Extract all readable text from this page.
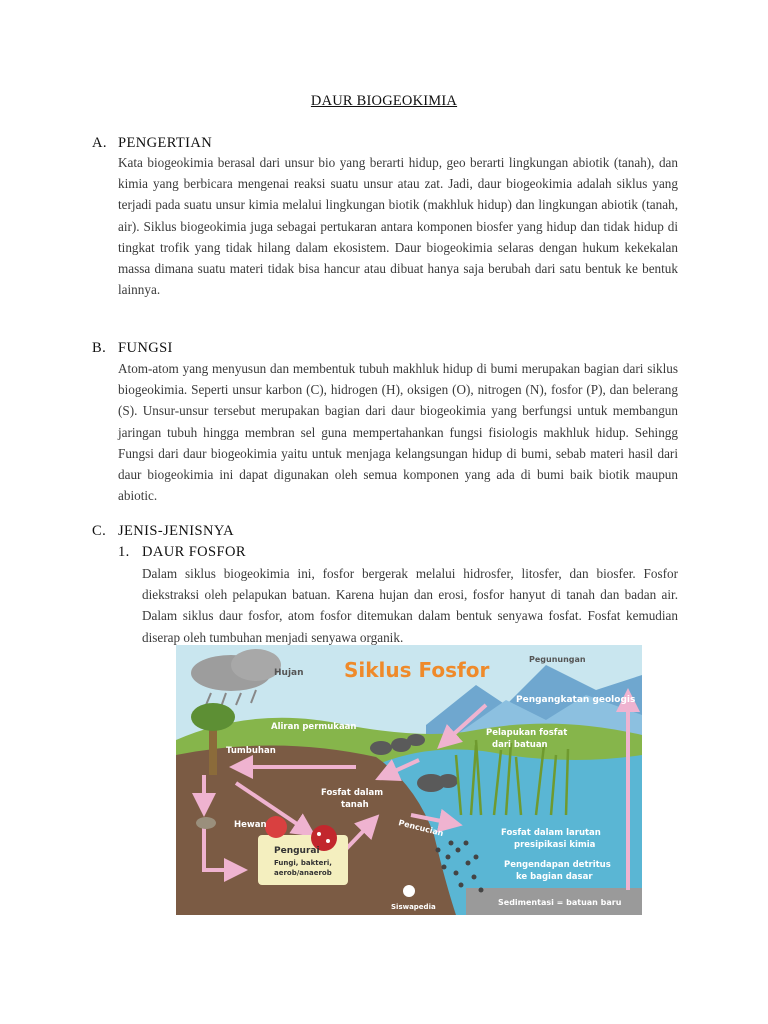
DAUR BIOGEOKIMIA
A. PENGERTIAN
Kata biogeokimia berasal dari unsur bio yang berarti hidup, geo berarti lingkungan abiotik (tanah), dan kimia yang berbicara mengenai reaksi suatu unsur atau zat. Jadi, daur biogeokimia adalah siklus yang terjadi pada suatu unsur kimia melalui lingkungan biotik (makhluk hidup) dan lingkungan abiotik (tanah, air). Siklus biogeokimia juga sebagai pertukaran antara komponen biosfer yang hidup dan tidak hidup di tingkat trofik yang tidak hilang dalam ekosistem. Daur biogeokimia selaras dengan hukum kekekalan massa dimana suatu materi tidak bisa hancur atau dibuat hanya saja berubah dari satu bentuk ke bentuk lainnya.
B. FUNGSI
Atom-atom yang menyusun dan membentuk tubuh makhluk hidup di bumi merupakan bagian dari siklus biogeokimia. Seperti unsur karbon (C), hidrogen (H), oksigen (O), nitrogen (N), fosfor (P), dan belerang (S). Unsur-unsur tersebut merupakan bagian dari daur biogeokimia yang berfungsi untuk membangun jaringan tubuh hingga membran sel guna mempertahankan fungsi fisiologis makhluk hidup. Sehingg Fungsi dari daur biogeokimia yaitu untuk menjaga kelangsungan hidup di bumi, sebab materi hasil dari daur biogeokimia ini dapat digunakan oleh semua komponen yang ada di bumi baik biotik maupun abiotic.
C. JENIS-JENISNYA
1. DAUR FOSFOR
Dalam siklus biogeokimia ini, fosfor bergerak melalui hidrosfer, litosfer, dan biosfer. Fosfor diekstraksi oleh pelapukan batuan. Karena hujan dan erosi, fosfor hanyut di tanah dan badan air. Dalam siklus daur fosfor, atom fosfor ditemukan dalam bentuk senyawa fosfat. Fosfat kemudian diserap oleh tumbuhan menjadi senyawa organik.
Siklus Fosfor
Hujan
Pegunungan
Pengangkatan geologis
Aliran permukaan
Pelapukan fosfat
dari batuan
Tumbuhan
Fosfat dalam
tanah
Pencucian
Hewan
Fosfat dalam larutan
presipikasi kimia
Pengendapan detritus
ke bagian dasar
Pengurai
Fungi, bakteri,
aerob/anaerob
Sedimentasi = batuan baru
Siswapedia
